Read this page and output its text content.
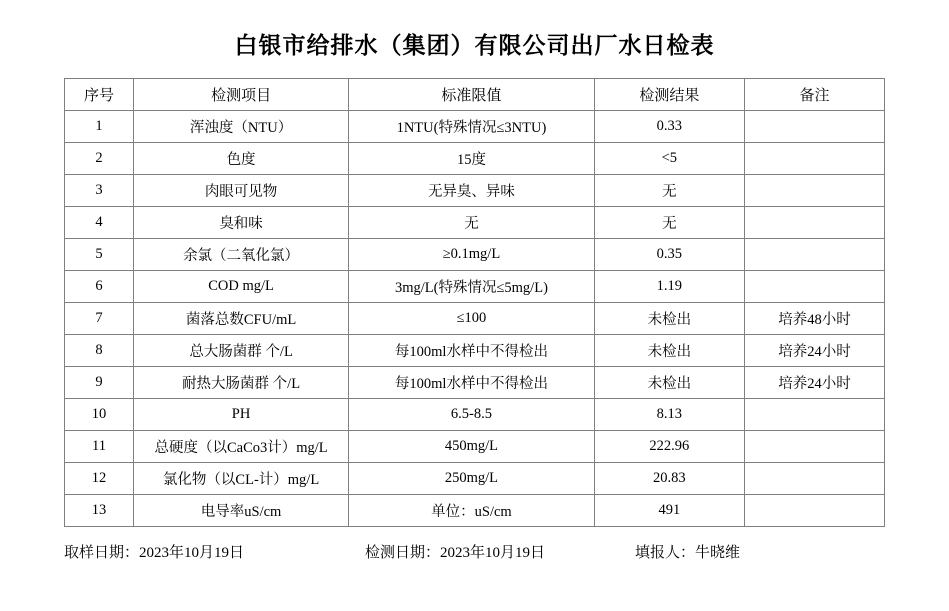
白银市给排水（集团）有限公司出厂水日检表
序号	检测项目	标准限值	检测结果	备注
1	浑浊度（NTU）	1NTU(特殊情况≤3NTU)	0.33	
2	色度	15度	<5	
3	肉眼可见物	无异臭、异味	无	
4	臭和味	无	无	
5	余氯（二氧化氯）	≥0.1mg/L	0.35	
6	COD mg/L	3mg/L(特殊情况≤5mg/L)	1.19	
7	菌落总数CFU/mL	≤100	未检出	培养48小时
8	总大肠菌群 个/L	每100ml水样中不得检出	未检出	培养24小时
9	耐热大肠菌群 个/L	每100ml水样中不得检出	未检出	培养24小时
10	PH	6.5-8.5	8.13	
11	总硬度（以CaCo3计）mg/L	450mg/L	222.96	
12	氯化物（以CL-计）mg/L	250mg/L	20.83	
13	电导率uS/cm	单位：uS/cm	491	
取样日期：2023年10月19日	检测日期：2023年10月19日	填报人：牛晓维
